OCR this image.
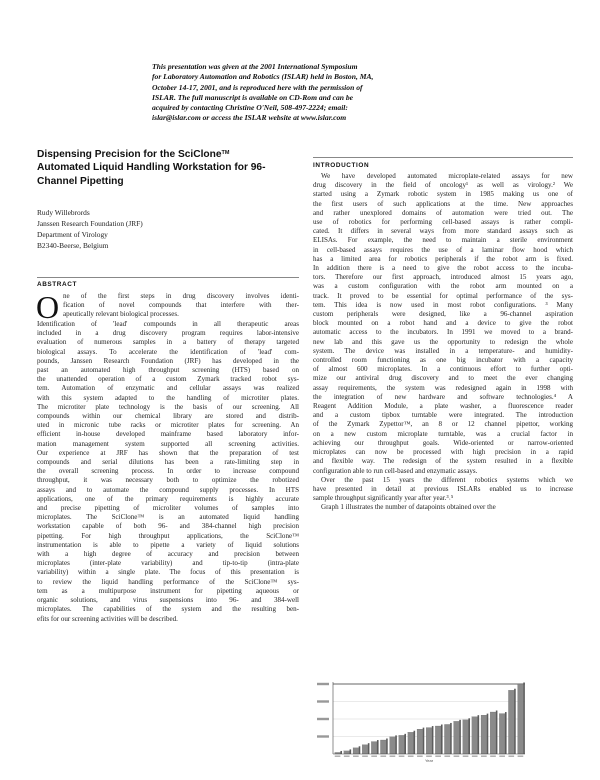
This presentation was given at the 2001 International Symposium
for Laboratory Automation and Robotics (ISLAR) held in Boston, MA,
October 14-17, 2001, and is reproduced here with the permission of
ISLAR. The full manuscript is available on CD-Rom and can be
acquired by contacting Christine O'Neil, 508-497-2224; email:
islar@islar.com or access the ISLAR website at www.islar.com
Dispensing Precision for the SciClone™
Automated Liquid Handling Workstation for 96-
Channel Pipetting
Rudy Willebrords
Janssen Research Foundation (JRF)
Department of Virology
B2340-Beerse, Belgium
ABSTRACT
O ne of the first steps in drug discovery involves identi-
fication of novel compounds that interfere with ther-
apeutically relevant biological processes.
Identification of 'lead' compounds in all therapeutic areas
included in a drug discovery program requires labor-intensive
evaluation of numerous samples in a battery of therapy targeted
biological assays. To accelerate the identification of 'lead' com-
pounds, Janssen Research Foundation (JRF) has developed in the
past an automated high throughput screening (HTS) based on
the unattended operation of a custom Zymark tracked robot sys-
tem. Automation of enzymatic and cellular assays was realized
with this system adapted to the handling of microtiter plates.
The microtiter plate technology is the basis of our screening. All
compounds within our chemical library are stored and distrib-
uted in micronic tube racks or microtiter plates for screening. An
efficient in-house developed mainframe based laboratory infor-
mation management system supported all screening activities.
Our experience at JRF has shown that the preparation of test
compounds and serial dilutions has been a rate-limiting step in
the overall screening process. In order to increase compound
throughput, it was necessary both to optimize the robotized
assays and to automate the compound supply processes. In HTS
applications, one of the primary requirements is highly accurate
and precise pipetting of microliter volumes of samples into
microplates. The SciClone™ is an automated liquid handling
workstation capable of both 96- and 384-channel high precision
pipetting. For high throughput applications, the SciClone™
instrumentation is able to pipette a variety of liquid solutions
with a high degree of accuracy and precision between
microplates (inter-plate variability) and tip-to-tip (intra-plate
variability) within a single plate. The focus of this presentation is
to review the liquid handling performance of the SciClone™ sys-
tem as a multipurpose instrument for pipetting aqueous or
organic solutions, and virus suspensions into 96- and 384-well
microplates. The capabilities of the system and the resulting ben-
efits for our screening activities will be described.
INTRODUCTION
We have developed automated microplate-related assays for new
drug discovery in the field of oncology¹ as well as virology.² We
started using a Zymark robotic system in 1985 making us one of
the first users of such applications at the time. New approaches
and rather unexplored domains of automation were tried out. The
use of robotics for performing cell-based assays is rather compli-
cated. It differs in several ways from more standard assays such as
ELISAs. For example, the need to maintain a sterile environment
in cell-based assays requires the use of a laminar flow hood which
has a limited area for robotics peripherals if the robot arm is fixed.
In addition there is a need to give the robot access to the incuba-
tors. Therefore our first approach, introduced almost 15 years ago,
was a custom configuration with the robot arm mounted on a
track. It proved to be essential for optimal performance of the sys-
tem. This idea is now used in most robot configurations. ³ Many
custom peripherals were designed, like a 96-channel aspiration
block mounted on a robot hand and a device to give the robot
automatic access to the incubators. In 1991 we moved to a brand-
new lab and this gave us the opportunity to redesign the whole
system. The device was installed in a temperature- and humidity-
controlled room functioning as one big incubator with a capacity
of almost 600 microplates. In a continuous effort to further opti-
mize our antiviral drug discovery and to meet the ever changing
assay requirements, the system was redesigned again in 1998 with
the integration of new hardware and software technologies.⁴ A
Reagent Addition Module, a plate washer, a fluorescence reader
and a custom tipbox turntable were integrated. The introduction
of the Zymark Zypettor™, an 8 or 12 channel pipettor, working
on a new custom microplate turntable, was a crucial factor in
achieving our throughput goals. Wide-oriented or narrow-oriented
microplates can now be processed with high precision in a rapid
and flexible way. The redesign of the system resulted in a flexible
configuration able to run cell-based and enzymatic assays.
Over the past 15 years the different robotics systems which we
have presented in detail at previous ISLARs enabled us to increase
sample throughput significantly year after year.³˒⁵
Graph 1 illustrates the number of datapoints obtained over the
Year
